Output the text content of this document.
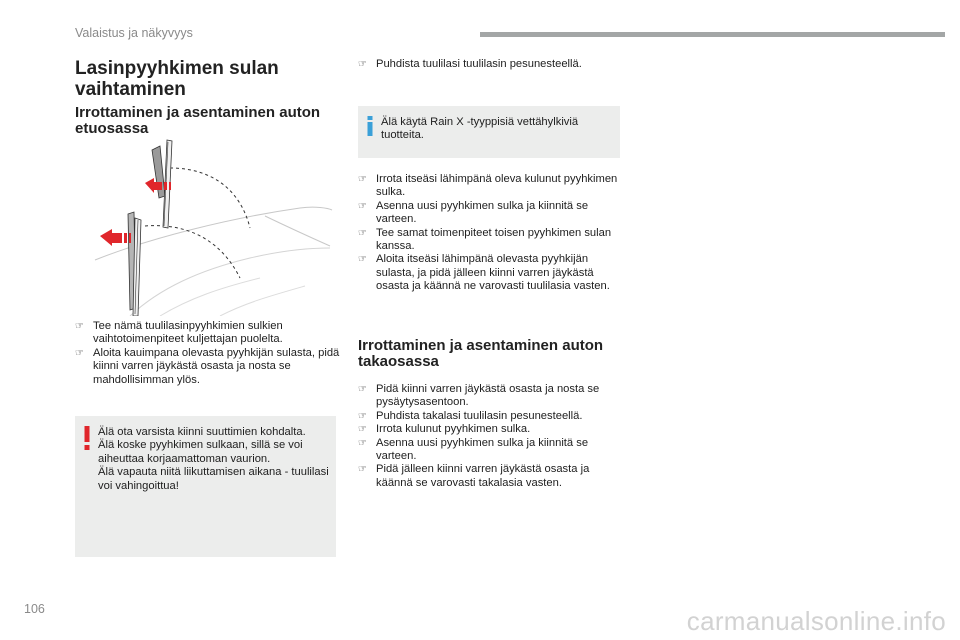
Valaistus ja näkyvyys
Lasinpyyhkimen sulan vaihtaminen
Irrottaminen ja asentaminen auton etuosassa
☞ Tee nämä tuulilasinpyyhkimien sulkien vaihtotoimenpiteet kuljettajan puolelta.
☞ Aloita kauimpana olevasta pyyhkijän sulasta, pidä kiinni varren jäykästä osasta ja nosta se mahdollisimman ylös.
Älä ota varsista kiinni suuttimien kohdalta.
Älä koske pyyhkimen sulkaan, sillä se voi aiheuttaa korjaamattoman vaurion.
Älä vapauta niitä liikuttamisen aikana - tuulilasi voi vahingoittua!
☞ Puhdista tuulilasi tuulilasin pesunesteellä.
Älä käytä Rain X -tyyppisiä vettähylkiviä tuotteita.
☞ Irrota itseäsi lähimpänä oleva kulunut pyyhkimen sulka.
☞ Asenna uusi pyyhkimen sulka ja kiinnitä se varteen.
☞ Tee samat toimenpiteet toisen pyyhkimen sulan kanssa.
☞ Aloita itseäsi lähimpänä olevasta pyyhkijän sulasta, ja pidä jälleen kiinni varren jäykästä osasta ja käännä ne varovasti tuulilasia vasten.
Irrottaminen ja asentaminen auton takaosassa
☞ Pidä kiinni varren jäykästä osasta ja nosta se pysäytysasentoon.
☞ Puhdista takalasi tuulilasin pesunesteellä.
☞ Irrota kulunut pyyhkimen sulka.
☞ Asenna uusi pyyhkimen sulka ja kiinnitä se varteen.
☞ Pidä jälleen kiinni varren jäykästä osasta ja käännä se varovasti takalasia vasten.
106	carmanualsonline.info
